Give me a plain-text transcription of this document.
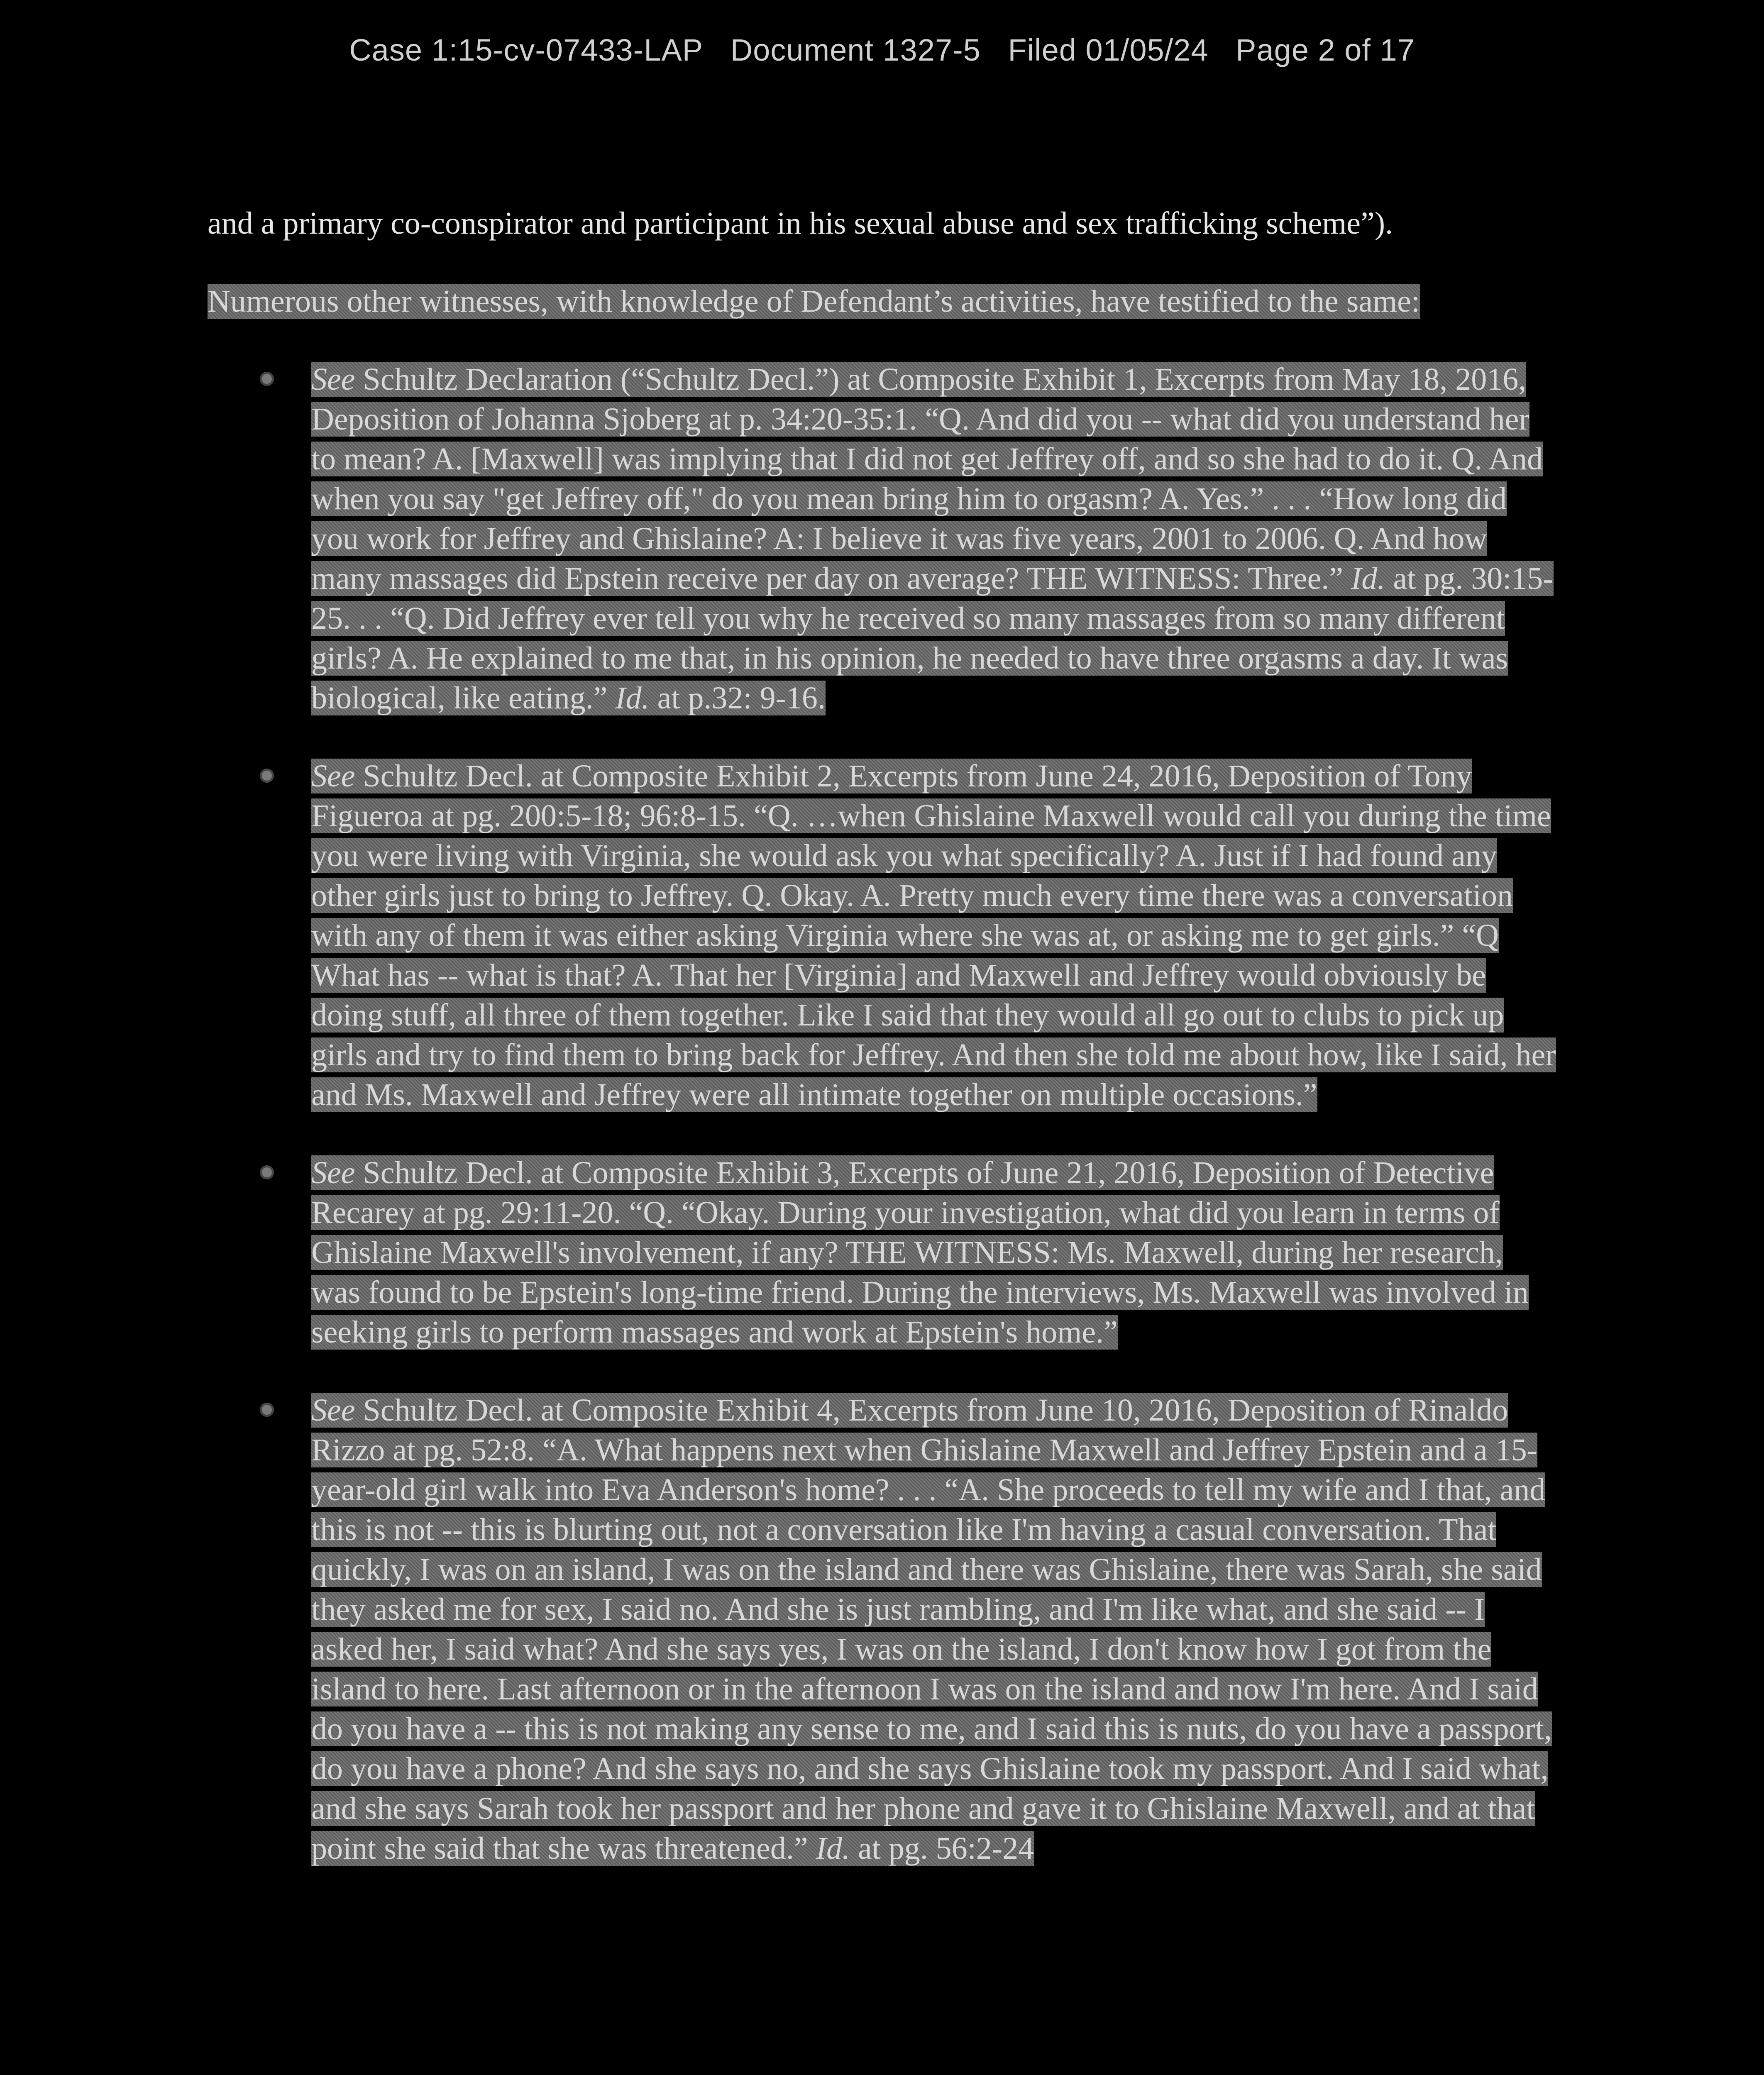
Case 1:15-cv-07433-LAP Document 1327-5 Filed 01/05/24 Page 2 of 17

and a primary co-conspirator and participant in his sexual abuse and sex trafficking scheme”).

Numerous other witnesses, with knowledge of Defendant’s activities, have testified to the same:

See Schultz Declaration (“Schultz Decl.”) at Composite Exhibit 1, Excerpts from May 18, 2016, Deposition of Johanna Sjoberg at p. 34:20-35:1. “Q. And did you -- what did you understand her to mean? A. [Maxwell] was implying that I did not get Jeffrey off, and so she had to do it. Q. And when you say "get Jeffrey off," do you mean bring him to orgasm? A. Yes.” . . . “How long did you work for Jeffrey and Ghislaine? A: I believe it was five years, 2001 to 2006. Q. And how many massages did Epstein receive per day on average? THE WITNESS: Three.” Id. at pg. 30:15-25. . . “Q. Did Jeffrey ever tell you why he received so many massages from so many different girls? A. He explained to me that, in his opinion, he needed to have three orgasms a day. It was biological, like eating.” Id. at p.32: 9-16.
See Schultz Decl. at Composite Exhibit 2, Excerpts from June 24, 2016, Deposition of Tony Figueroa at pg. 200:5-18; 96:8-15. “Q. …when Ghislaine Maxwell would call you during the time you were living with Virginia, she would ask you what specifically? A. Just if I had found any other girls just to bring to Jeffrey. Q. Okay. A. Pretty much every time there was a conversation with any of them it was either asking Virginia where she was at, or asking me to get girls.” “Q What has -- what is that? A. That her [Virginia] and Maxwell and Jeffrey would obviously be doing stuff, all three of them together. Like I said that they would all go out to clubs to pick up girls and try to find them to bring back for Jeffrey. And then she told me about how, like I said, her and Ms. Maxwell and Jeffrey were all intimate together on multiple occasions.”
See Schultz Decl. at Composite Exhibit 3, Excerpts of June 21, 2016, Deposition of Detective Recarey at pg. 29:11-20. “Q. “Okay. During your investigation, what did you learn in terms of Ghislaine Maxwell's involvement, if any? THE WITNESS: Ms. Maxwell, during her research, was found to be Epstein's long-time friend. During the interviews, Ms. Maxwell was involved in seeking girls to perform massages and work at Epstein's home.”
See Schultz Decl. at Composite Exhibit 4, Excerpts from June 10, 2016, Deposition of Rinaldo Rizzo at pg. 52:8. “A. What happens next when Ghislaine Maxwell and Jeffrey Epstein and a 15-year-old girl walk into Eva Anderson's home? . . . “A. She proceeds to tell my wife and I that, and this is not -- this is blurting out, not a conversation like I'm having a casual conversation. That quickly, I was on an island, I was on the island and there was Ghislaine, there was Sarah, she said they asked me for sex, I said no. And she is just rambling, and I'm like what, and she said -- I asked her, I said what? And she says yes, I was on the island, I don't know how I got from the island to here. Last afternoon or in the afternoon I was on the island and now I'm here. And I said do you have a -- this is not making any sense to me, and I said this is nuts, do you have a passport, do you have a phone? And she says no, and she says Ghislaine took my passport. And I said what, and she says Sarah took her passport and her phone and gave it to Ghislaine Maxwell, and at that point she said that she was threatened.” Id. at pg. 56:2-24
